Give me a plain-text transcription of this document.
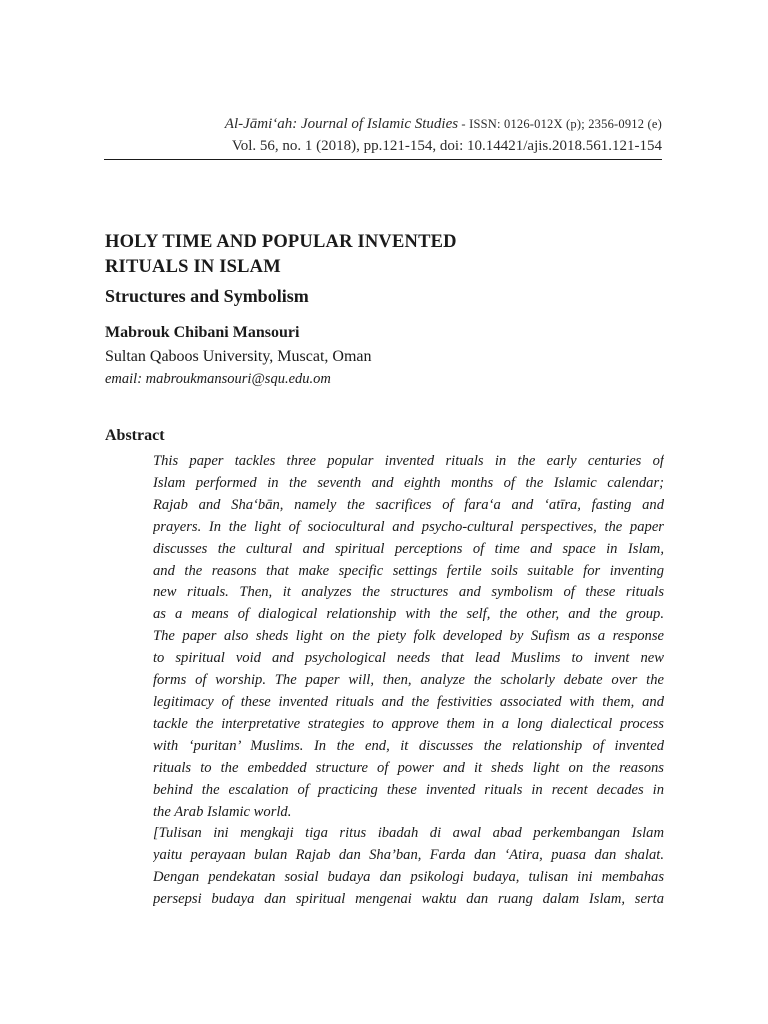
Al-Jāmi‘ah: Journal of Islamic Studies - ISSN: 0126-012X (p); 2356-0912 (e)
Vol. 56, no. 1 (2018), pp.121-154, doi: 10.14421/ajis.2018.561.121-154
HOLY TIME AND POPULAR INVENTED
RITUALS IN ISLAM
Structures and Symbolism
Mabrouk Chibani Mansouri
Sultan Qaboos University, Muscat, Oman
email: mabroukmansouri@squ.edu.om
Abstract
This paper tackles three popular invented rituals in the early centuries of
Islam performed in the seventh and eighth months of the Islamic calendar;
Rajab and Sha‘bān, namely the sacrifices of fara‘a and ‘atīra, fasting and
prayers. In the light of sociocultural and psycho-cultural perspectives, the paper
discusses the cultural and spiritual perceptions of time and space in Islam,
and the reasons that make specific settings fertile soils suitable for inventing
new rituals. Then, it analyzes the structures and symbolism of these rituals
as a means of dialogical relationship with the self, the other, and the group.
The paper also sheds light on the piety folk developed by Sufism as a response
to spiritual void and psychological needs that lead Muslims to invent new
forms of worship. The paper will, then, analyze the scholarly debate over the
legitimacy of these invented rituals and the festivities associated with them, and
tackle the interpretative strategies to approve them in a long dialectical process
with ‘puritan’ Muslims. In the end, it discusses the relationship of invented
rituals to the embedded structure of power and it sheds light on the reasons
behind the escalation of practicing these invented rituals in recent decades in
the Arab Islamic world.
[Tulisan ini mengkaji tiga ritus ibadah di awal abad perkembangan Islam
yaitu perayaan bulan Rajab dan Sha’ban, Farda dan ‘Atira, puasa dan shalat.
Dengan pendekatan sosial budaya dan psikologi budaya, tulisan ini membahas
persepsi budaya dan spiritual mengenai waktu dan ruang dalam Islam, serta
